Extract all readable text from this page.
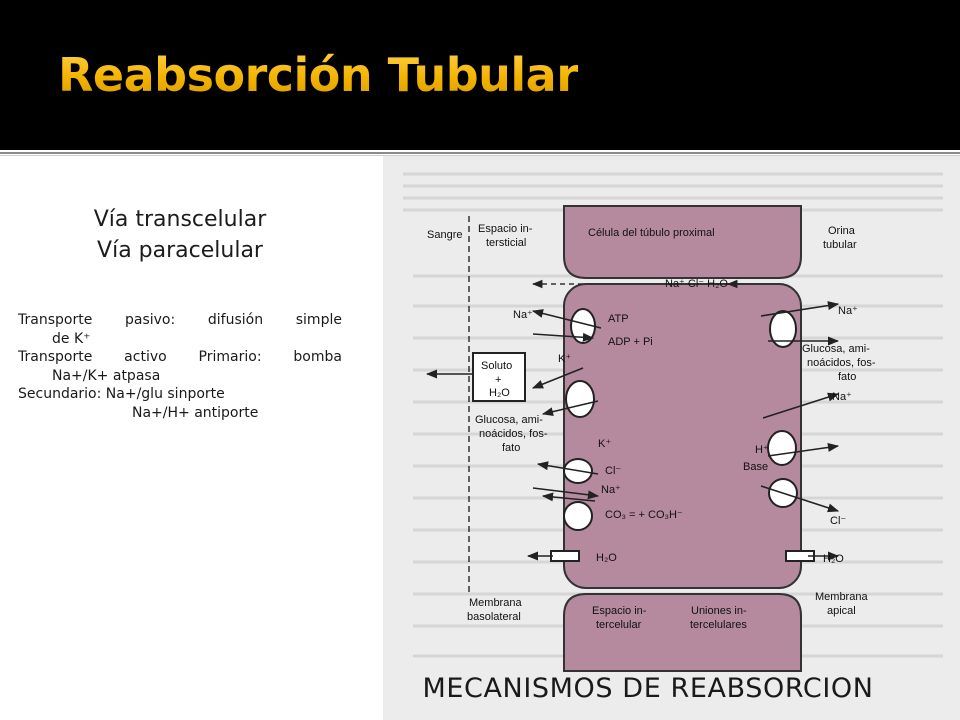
Reabsorción Tubular
Vía transcelular
Vía paracelular
Transporte pasivo: difusión simple
de K⁺
Transporte activo Primario: bomba
Na+/K+ atpasa
Secundario: Na+/glu sinporte
Na+/H+ antiporte
Sangre Espacio in-
tersticial
Célula del túbulo proximal	Orina
tubular
Na⁺ Cl⁻ H₂O
Na⁺	ATP
ADP + Pi
K⁺
Soluto
+
H₂O
Glucosa, ami-
noácidos, fos-
fato
Na⁺
Glucosa, ami-
noácidos, fos-
fato
Na⁺
K⁺
Cl⁻
Na⁺
CO₃ = + CO₃H⁻
H⁺
Base
Cl⁻
H₂O	H₂O
Membrana
basolateral	Espacio in-
tercelular
Uniones in-
tercelulares
Membrana
apical
MECANISMOS DE REABSORCION
